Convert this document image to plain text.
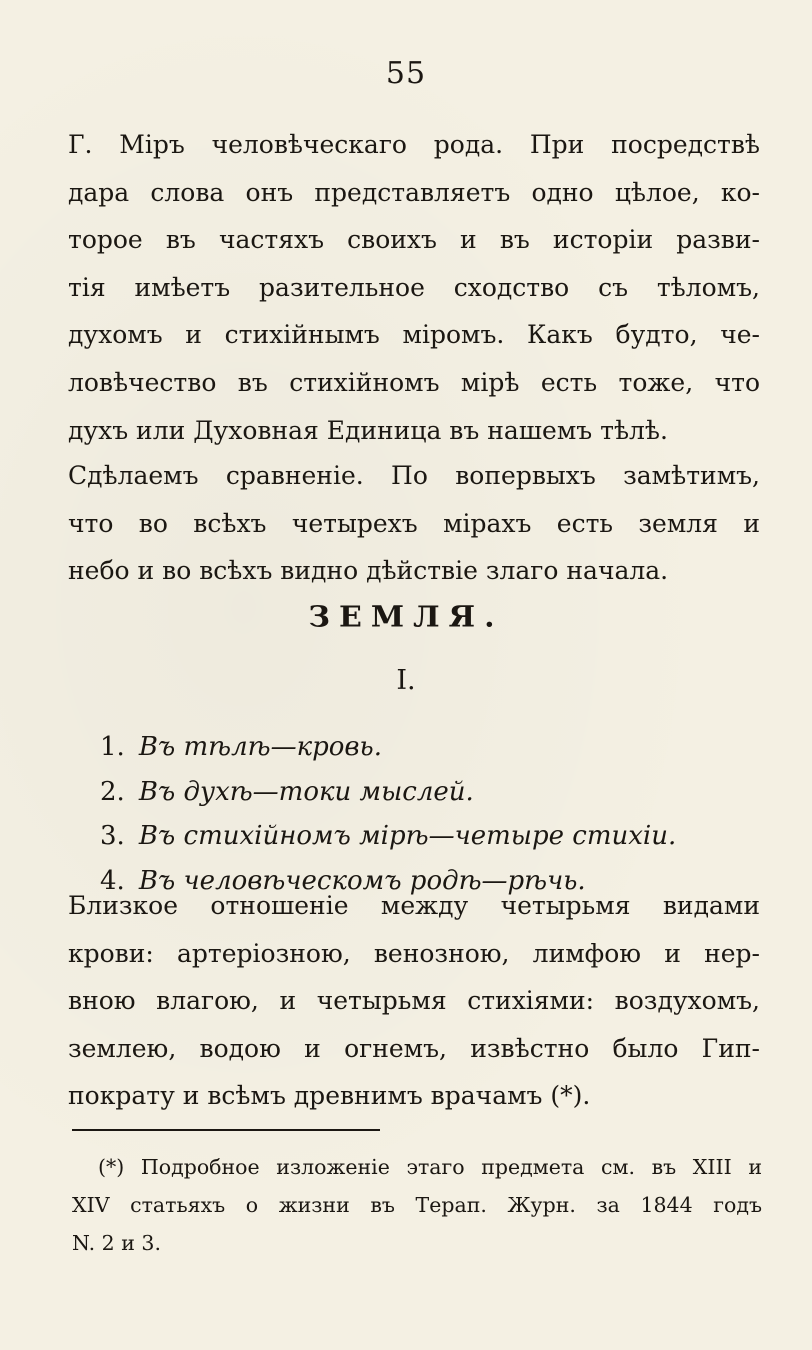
55

Г. Міръ человѣческаго рода. При посредствѣ
дара слова онъ представляетъ одно цѣлое, ко-
торое въ частяхъ своихъ и въ исторіи разви-
тія имѣетъ разительное сходство съ тѣломъ,
духомъ и стихійнымъ міромъ. Какъ будто, че-
ловѣчество въ стихійномъ мірѣ есть тоже, что
духъ или Духовная Единица въ нашемъ тѣлѣ.

Сдѣлаемъ сравненіе. По вопервыхъ замѣтимъ,
что во всѣхъ четырехъ мірахъ есть земля и
небо и во всѣхъ видно дѣйствіе злаго начала.

ЗЕМЛЯ.
I.
1. Въ тѣлѣ—кровь.
2. Въ духѣ—токи мыслей.
3. Въ стихійномъ мірѣ—четыре стихіи.
4. Въ человѣческомъ родѣ—рѣчь.

Близкое отношеніе между четырьмя видами
крови: артеріозною, венозною, лимфою и нер-
вною влагою, и четырьмя стихіями: воздухомъ,
землею, водою и огнемъ, извѣстно было Гип-
пократу и всѣмъ древнимъ врачамъ (*).

(*) Подробное изложеніе этаго предмета см. въ XIII и
XIV статьяхъ о жизни въ Терап. Журн. за 1844 годъ
N. 2 и 3.
